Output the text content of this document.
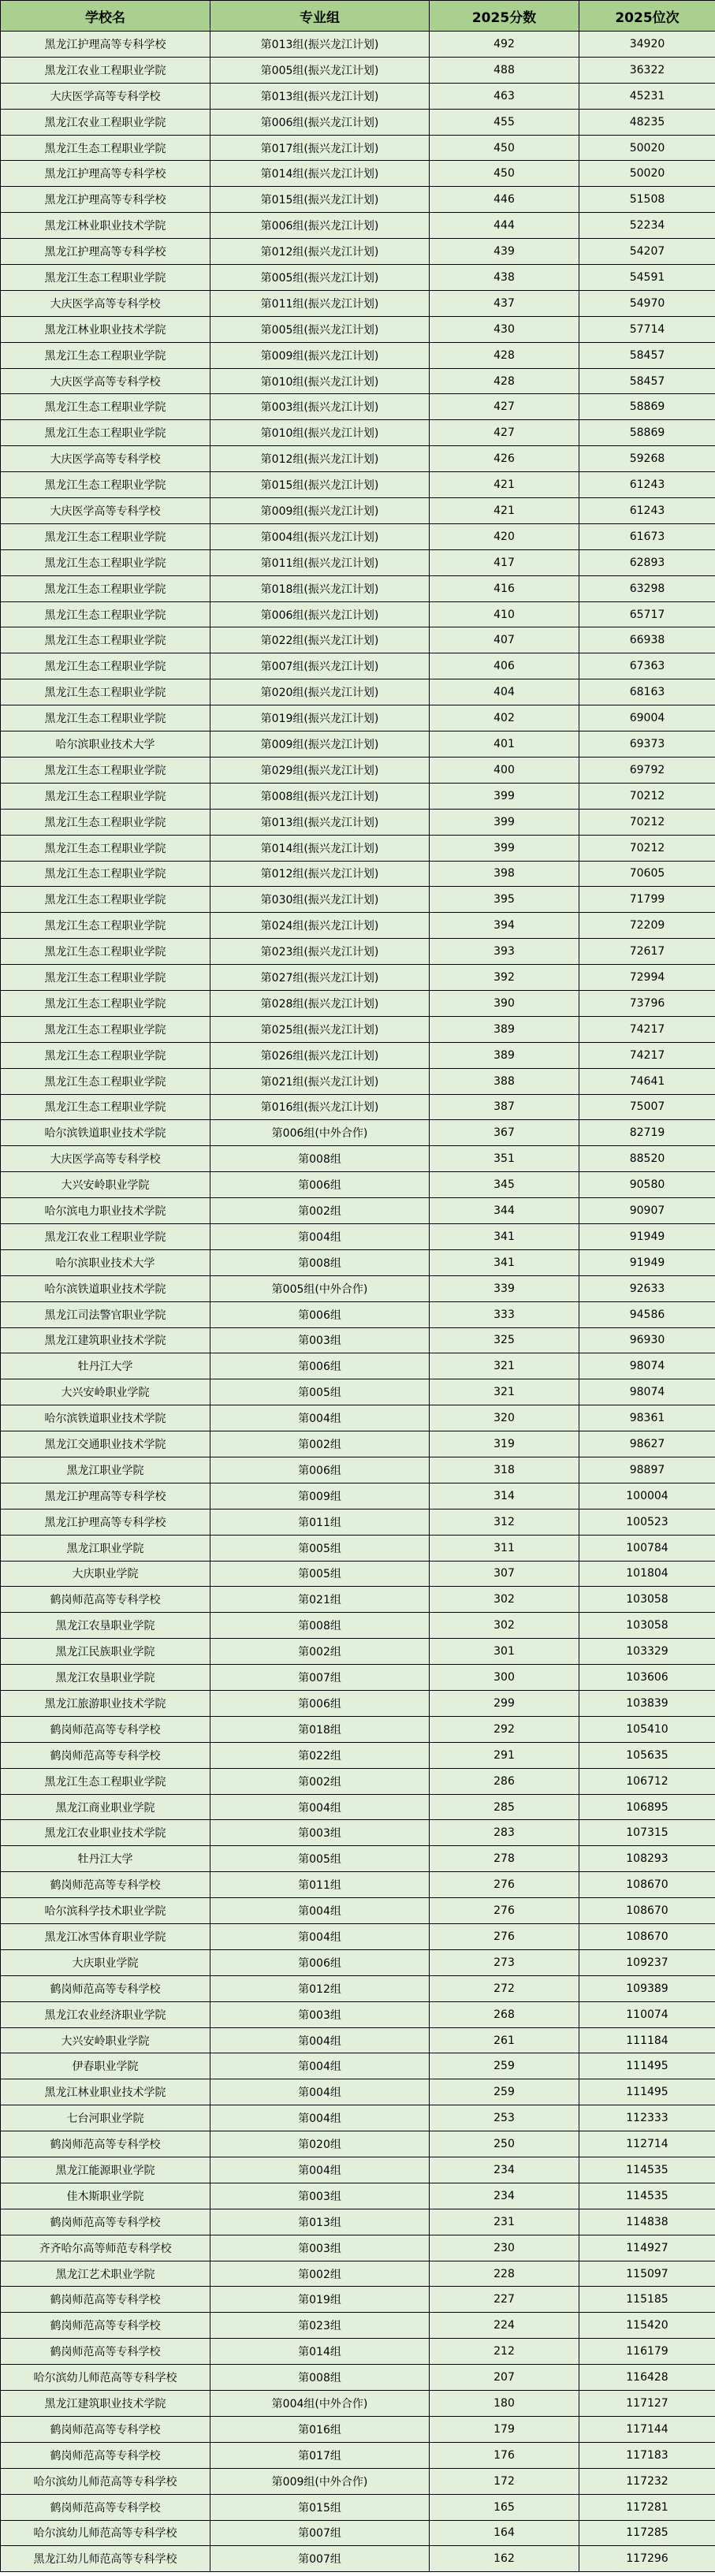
学校名	专业组	2025分数	2025位次
黑龙江护理高等专科学校	第013组(振兴龙江计划)	492	34920
黑龙江农业工程职业学院	第005组(振兴龙江计划)	488	36322
大庆医学高等专科学校	第013组(振兴龙江计划)	463	45231
黑龙江农业工程职业学院	第006组(振兴龙江计划)	455	48235
黑龙江生态工程职业学院	第017组(振兴龙江计划)	450	50020
黑龙江护理高等专科学校	第014组(振兴龙江计划)	450	50020
黑龙江护理高等专科学校	第015组(振兴龙江计划)	446	51508
黑龙江林业职业技术学院	第006组(振兴龙江计划)	444	52234
黑龙江护理高等专科学校	第012组(振兴龙江计划)	439	54207
黑龙江生态工程职业学院	第005组(振兴龙江计划)	438	54591
大庆医学高等专科学校	第011组(振兴龙江计划)	437	54970
黑龙江林业职业技术学院	第005组(振兴龙江计划)	430	57714
黑龙江生态工程职业学院	第009组(振兴龙江计划)	428	58457
大庆医学高等专科学校	第010组(振兴龙江计划)	428	58457
黑龙江生态工程职业学院	第003组(振兴龙江计划)	427	58869
黑龙江生态工程职业学院	第010组(振兴龙江计划)	427	58869
大庆医学高等专科学校	第012组(振兴龙江计划)	426	59268
黑龙江生态工程职业学院	第015组(振兴龙江计划)	421	61243
大庆医学高等专科学校	第009组(振兴龙江计划)	421	61243
黑龙江生态工程职业学院	第004组(振兴龙江计划)	420	61673
黑龙江生态工程职业学院	第011组(振兴龙江计划)	417	62893
黑龙江生态工程职业学院	第018组(振兴龙江计划)	416	63298
黑龙江生态工程职业学院	第006组(振兴龙江计划)	410	65717
黑龙江生态工程职业学院	第022组(振兴龙江计划)	407	66938
黑龙江生态工程职业学院	第007组(振兴龙江计划)	406	67363
黑龙江生态工程职业学院	第020组(振兴龙江计划)	404	68163
黑龙江生态工程职业学院	第019组(振兴龙江计划)	402	69004
哈尔滨职业技术大学	第009组(振兴龙江计划)	401	69373
黑龙江生态工程职业学院	第029组(振兴龙江计划)	400	69792
黑龙江生态工程职业学院	第008组(振兴龙江计划)	399	70212
黑龙江生态工程职业学院	第013组(振兴龙江计划)	399	70212
黑龙江生态工程职业学院	第014组(振兴龙江计划)	399	70212
黑龙江生态工程职业学院	第012组(振兴龙江计划)	398	70605
黑龙江生态工程职业学院	第030组(振兴龙江计划)	395	71799
黑龙江生态工程职业学院	第024组(振兴龙江计划)	394	72209
黑龙江生态工程职业学院	第023组(振兴龙江计划)	393	72617
黑龙江生态工程职业学院	第027组(振兴龙江计划)	392	72994
黑龙江生态工程职业学院	第028组(振兴龙江计划)	390	73796
黑龙江生态工程职业学院	第025组(振兴龙江计划)	389	74217
黑龙江生态工程职业学院	第026组(振兴龙江计划)	389	74217
黑龙江生态工程职业学院	第021组(振兴龙江计划)	388	74641
黑龙江生态工程职业学院	第016组(振兴龙江计划)	387	75007
哈尔滨铁道职业技术学院	第006组(中外合作)	367	82719
大庆医学高等专科学校	第008组	351	88520
大兴安岭职业学院	第006组	345	90580
哈尔滨电力职业技术学院	第002组	344	90907
黑龙江农业工程职业学院	第004组	341	91949
哈尔滨职业技术大学	第008组	341	91949
哈尔滨铁道职业技术学院	第005组(中外合作)	339	92633
黑龙江司法警官职业学院	第006组	333	94586
黑龙江建筑职业技术学院	第003组	325	96930
牡丹江大学	第006组	321	98074
大兴安岭职业学院	第005组	321	98074
哈尔滨铁道职业技术学院	第004组	320	98361
黑龙江交通职业技术学院	第002组	319	98627
黑龙江职业学院	第006组	318	98897
黑龙江护理高等专科学校	第009组	314	100004
黑龙江护理高等专科学校	第011组	312	100523
黑龙江职业学院	第005组	311	100784
大庆职业学院	第005组	307	101804
鹤岗师范高等专科学校	第021组	302	103058
黑龙江农垦职业学院	第008组	302	103058
黑龙江民族职业学院	第002组	301	103329
黑龙江农垦职业学院	第007组	300	103606
黑龙江旅游职业技术学院	第006组	299	103839
鹤岗师范高等专科学校	第018组	292	105410
鹤岗师范高等专科学校	第022组	291	105635
黑龙江生态工程职业学院	第002组	286	106712
黑龙江商业职业学院	第004组	285	106895
黑龙江农业职业技术学院	第003组	283	107315
牡丹江大学	第005组	278	108293
鹤岗师范高等专科学校	第011组	276	108670
哈尔滨科学技术职业学院	第004组	276	108670
黑龙江冰雪体育职业学院	第004组	276	108670
大庆职业学院	第006组	273	109237
鹤岗师范高等专科学校	第012组	272	109389
黑龙江农业经济职业学院	第003组	268	110074
大兴安岭职业学院	第004组	261	111184
伊春职业学院	第004组	259	111495
黑龙江林业职业技术学院	第004组	259	111495
七台河职业学院	第004组	253	112333
鹤岗师范高等专科学校	第020组	250	112714
黑龙江能源职业学院	第004组	234	114535
佳木斯职业学院	第003组	234	114535
鹤岗师范高等专科学校	第013组	231	114838
齐齐哈尔高等师范专科学校	第003组	230	114927
黑龙江艺术职业学院	第002组	228	115097
鹤岗师范高等专科学校	第019组	227	115185
鹤岗师范高等专科学校	第023组	224	115420
鹤岗师范高等专科学校	第014组	212	116179
哈尔滨幼儿师范高等专科学校	第008组	207	116428
黑龙江建筑职业技术学院	第004组(中外合作)	180	117127
鹤岗师范高等专科学校	第016组	179	117144
鹤岗师范高等专科学校	第017组	176	117183
哈尔滨幼儿师范高等专科学校	第009组(中外合作)	172	117232
鹤岗师范高等专科学校	第015组	165	117281
哈尔滨幼儿师范高等专科学校	第007组	164	117285
黑龙江幼儿师范高等专科学校	第007组	162	117296
